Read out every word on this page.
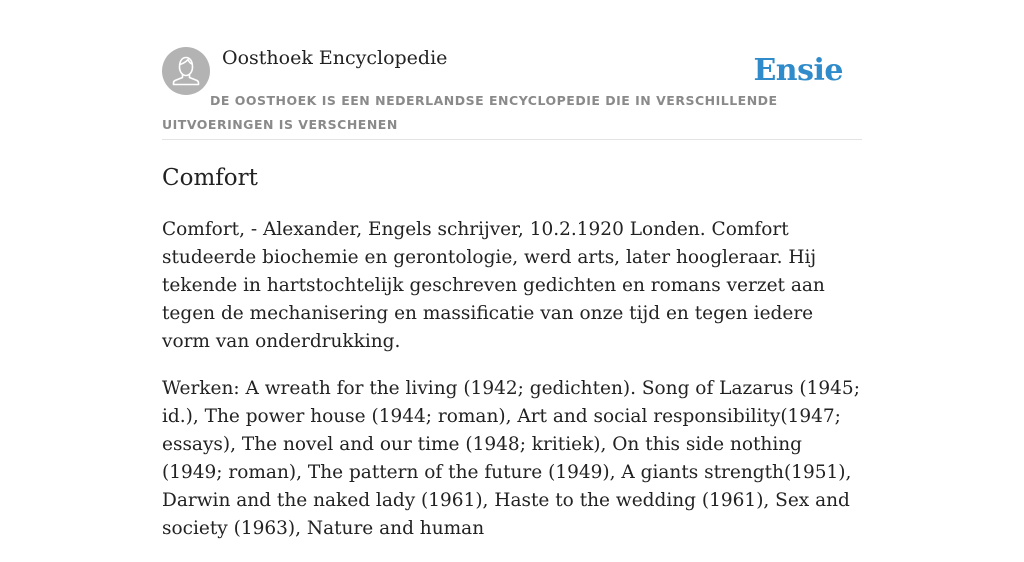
Oosthoek Encyclopedie	Ensie
DE OOSTHOEK IS EEN NEDERLANDSE ENCYCLOPEDIE DIE IN VERSCHILLENDE UITVOERINGEN IS VERSCHENEN
Comfort

Comfort, - Alexander, Engels schrijver, 10.2.1920 Londen. Comfort studeerde biochemie en gerontologie, werd arts, later hoogleraar. Hij tekende in hartstochtelijk geschreven gedichten en romans verzet aan tegen de mechanisering en massificatie van onze tijd en tegen iedere vorm van onderdrukking.

Werken: A wreath for the living (1942; gedichten). Song of Lazarus (1945; id.), The power house (1944; roman), Art and social responsibility(1947; essays), The novel and our time (1948; kritiek), On this side nothing (1949; roman), The pattern of the future (1949), A giants strength(1951), Darwin and the naked lady (1961), Haste to the wedding (1961), Sex and society (1963), Nature and human
